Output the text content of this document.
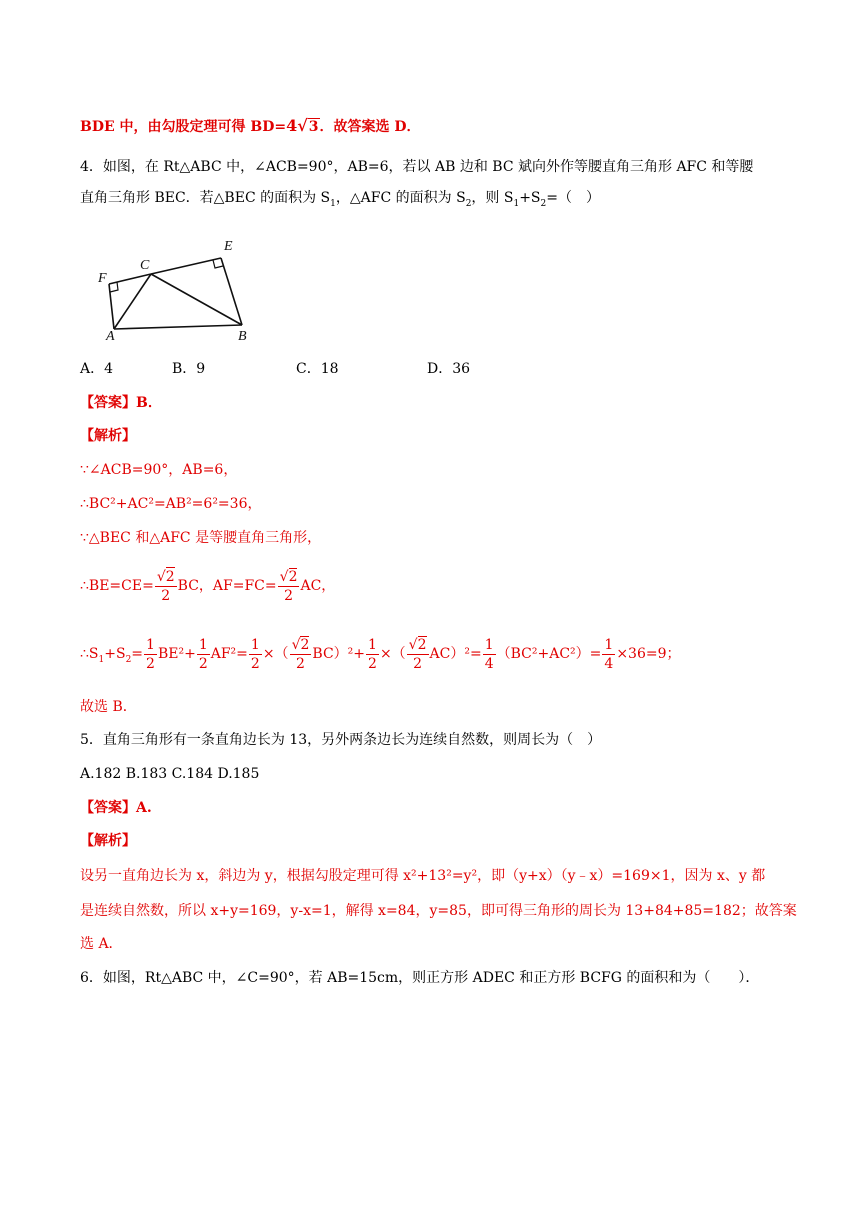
BDE 中，由勾股定理可得 BD=4√3．故答案选 D．
4．如图，在 Rt△ABC 中，∠ACB=90°，AB=6，若以 AB 边和 BC 斌向外作等腰直角三角形 AFC 和等腰
直角三角形 BEC．若△BEC 的面积为 $S_1$，△AFC 的面积为 $S_2$，则 $S_1+S_2=$（　）
F
C
E
A	B
A．4	B．9	C．18	D．36
【答案】B．
【解析】
∵∠ACB=90°，AB=6，
∴BC²+AC²=AB²=6²=36，
∵△BEC 和△AFC 是等腰直角三角形，
∴BE=CE= $\frac{√2}{2}$ BC，$AF=FC= \frac{√2}{2}$ AC，
$\therefore S_1+S_2= \frac{1}{2} BE^2+ \frac{1}{2} AF^2= \frac{1}{2}$ ×（ $\frac{√2}{2} BC)^2+ \frac{1}{2}$ ×（ $\frac{√2}{2} AC)^2= \frac{1}{4} (BC^2+AC^2)= \frac{1}{4} \times 36=9$；
故选 B．
5．直角三角形有一条直角边长为 13，另外两条边长为连续自然数，则周长为（　）
A.182 B.183 C.184 D.185
【答案】A.
【解析】
设另一直角边长为 x，斜边为 y，根据勾股定理可得 x²+13²=y²，即（y+x）（y﹣x）=169×1，因为 x、y 都
是连续自然数，所以 x+y=169，y-x=1，解得 x=84，y=85，即可得三角形的周长为 13+84+85=182；故答案
选 A．
6．如图，Rt△ABC 中，∠C=90°，若 AB=15cm，则正方形 ADEC 和正方形 BCFG 的面积和为（　　）．
